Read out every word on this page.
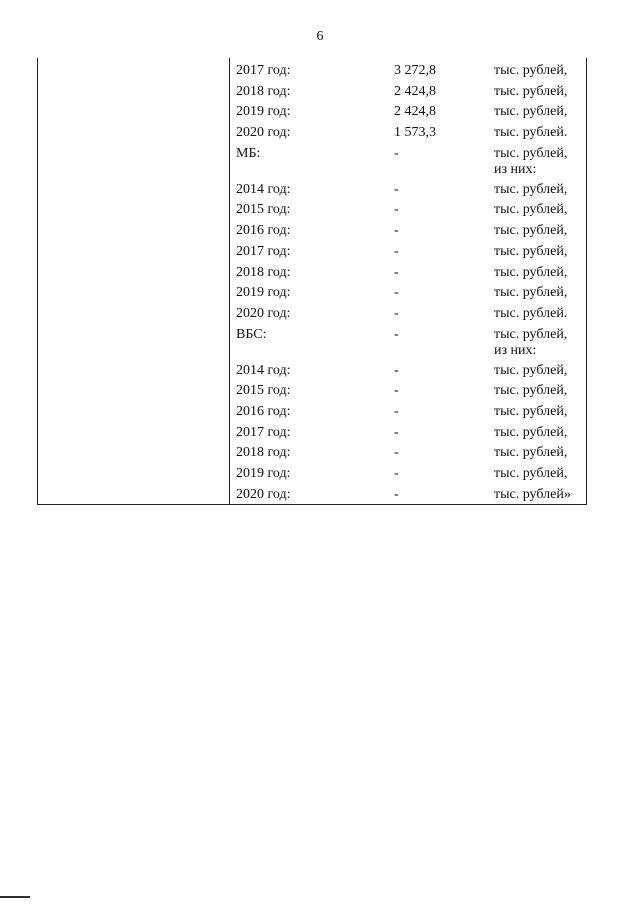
6
2017 год:	3 272,8	тыс. рублей,
2018 год:	2 424,8	тыс. рублей,
2019 год:	2 424,8	тыс. рублей,
2020 год:	1 573,3	тыс. рублей.
МБ:	-	тыс. рублей,
из них:
2014 год:	-	тыс. рублей,
2015 год:	-	тыс. рублей,
2016 год:	-	тыс. рублей,
2017 год:	-	тыс. рублей,
2018 год:	-	тыс. рублей,
2019 год:	-	тыс. рублей,
2020 год:	-	тыс. рублей.
ВБС:	-	тыс. рублей,
из них:
2014 год:	-	тыс. рублей,
2015 год:	-	тыс. рублей,
2016 год:	-	тыс. рублей,
2017 год:	-	тыс. рублей,
2018 год:	-	тыс. рублей,
2019 год:	-	тыс. рублей,
2020 год:	-	тыс. рублей»
